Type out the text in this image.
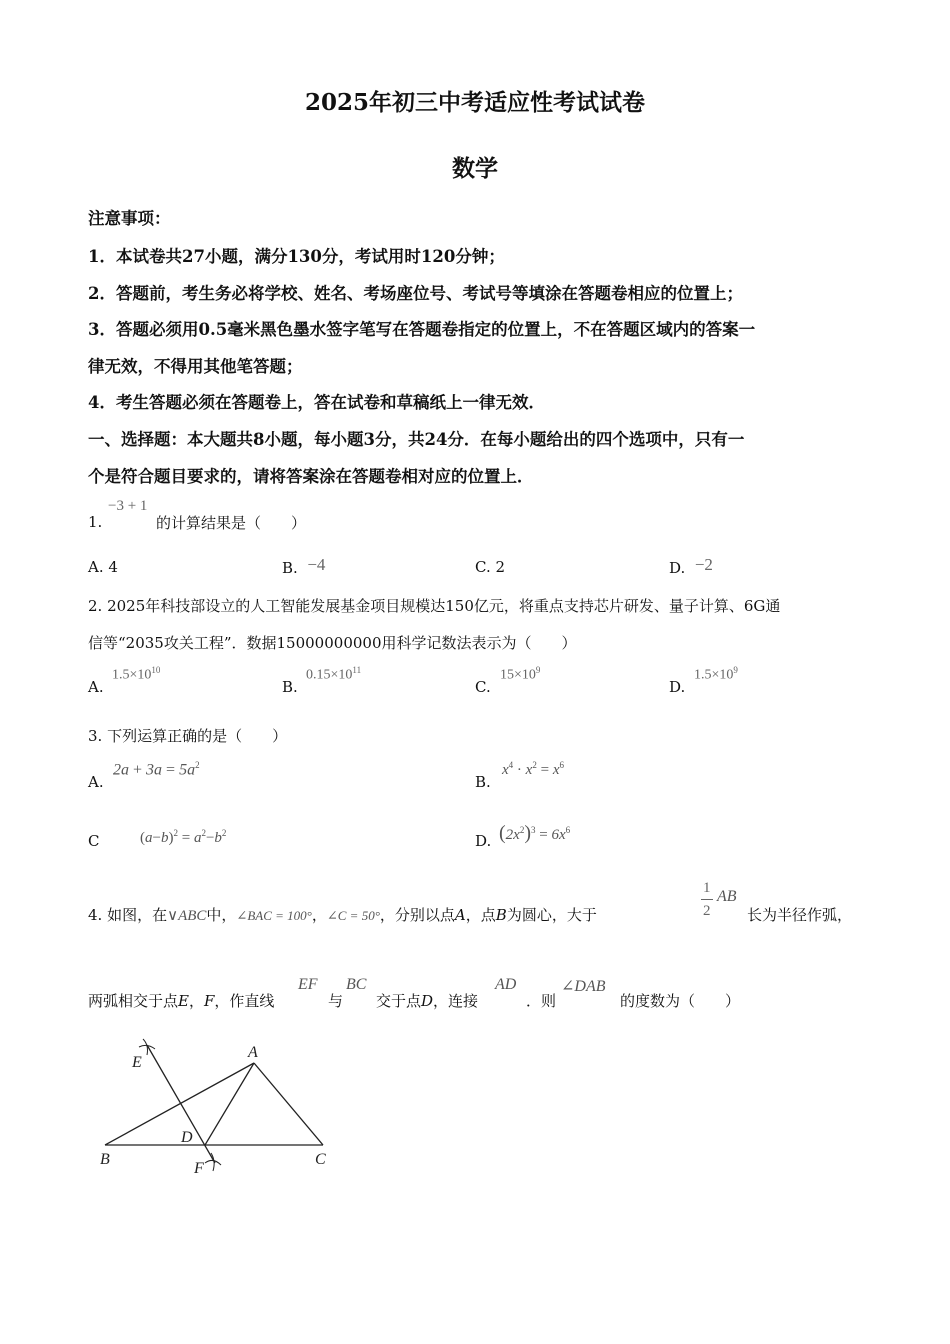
2025年初三中考适应性考试试卷
数学
注意事项：
1．本试卷共27小题，满分130分，考试用时120分钟；
2．答题前，考生务必将学校、姓名、考场座位号、考试号等填涂在答题卷相应的位置上；
3．答题必须用0.5毫米黑色墨水签字笔写在答题卷指定的位置上，不在答题区域内的答案一
律无效，不得用其他笔答题；
4．考生答题必须在答题卷上，答在试卷和草稿纸上一律无效．
一、选择题：本大题共8小题，每小题3分，共24分．在每小题给出的四个选项中，只有一
个是符合题目要求的，请将答案涂在答题卷相对应的位置上．
1.
−3 + 1
的计算结果是（　　）
A. 4	B. −4	C. 2	D. −2
2. 2025年科技部设立的人工智能发展基金项目规模达150亿元，将重点支持芯片研发、量子计算、6G通
信等“2035攻关工程”．数据15000000000用科学记数法表示为（　　）
A.
$1.5\times 10^{10}$
B.
$0.15\times 10^{11}$
C.
$15\times 10^9$
D.
$1.5\times 10^9$
3. 下列运算正确的是（　　）
A.
$2a + 3a = 5a^2$
B.
$x^4 \cdot x^2 = x^6$
C	$(a-b)^2 = a^2-b^2$	D. $(2x^2)^3 = 6x^6$
4. 如图，在∨ABC中，∠BAC = 100°，∠C = 50°，分别以点A，点B为圆心，大于
1
2
AB
长为半径作弧，
两弧相交于点E，F，作直线
EF
与
BC
交于点D，连接
AD
．则
∠DAB
的度数为（　　）
E
A
D
B
F
C
